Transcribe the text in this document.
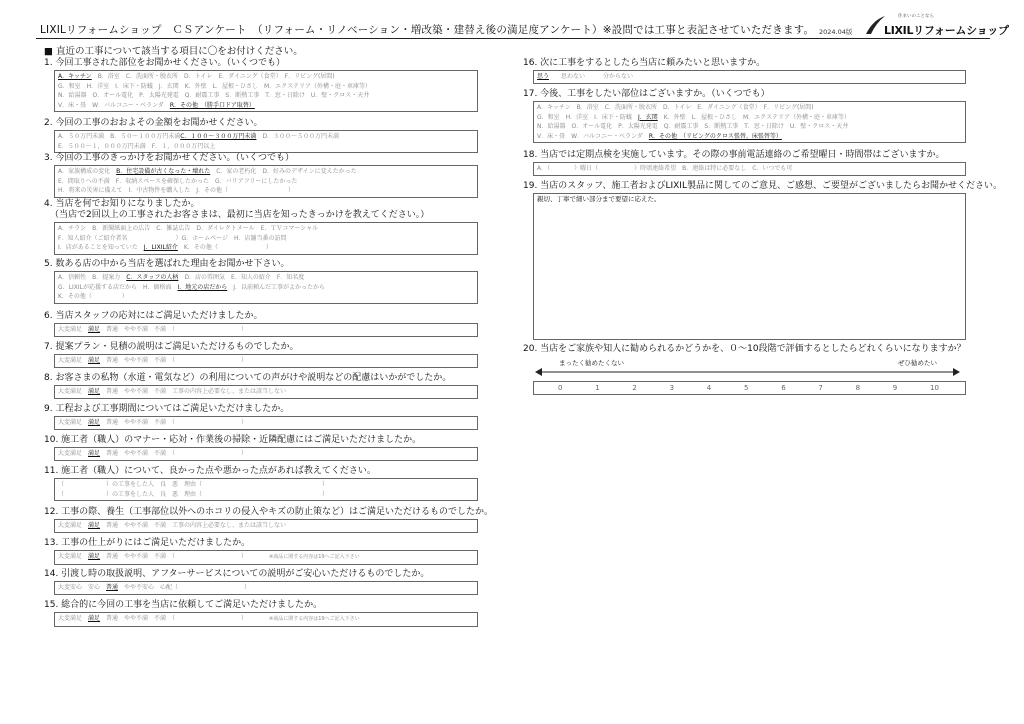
LIXILリフォームショップ　ＣＳアンケート　（リフォーム・リノベーション・増改築・建替え後の満足度アンケート）※設問では工事と表記させていただきます。 2024.04版
住まいのことなら
LIXILリフォームショップ
■ 直近の工事について該当する項目に〇をお付けください。

1. 今回工事された部位をお聞かせください。（いくつでも）

A．キッチン　B．浴室　C．洗面所・脱衣所　D．トイレ　E．ダイニング（食堂）　F．リビング(居間)
G．和室　H．洋室　I．床下・防蟻　J．玄関　K．外壁　L．屋根・ひさし　M．エクステリア（外構・庭・車庫等）
N．給湯器　O．オール電化　P．太陽光発電　Q．耐震工事　S．断熱工事　T．窓・日除け　U．壁・クロス・天井
V．床・畳　W．バルコニー・ベランダ　R．その他　（勝手口ドア取替）

2. 今回の工事のおおよその金額をお聞かせください。

A．５０万円未満　B．５０～１００万円未満C．１００～３００万円未満　D．３００～５００万円未満
E．５００～１，０００万円未満　F．１，０００万円以上

3. 今回の工事のきっかけをお聞かせください。（いくつでも）

A．家族構成の変化　B．住宅設備が古くなった・壊れた　C．家の老朽化　D．好みのデザインに変えたかった
E．間取りへの不満　F．収納スペースを確保したかった　G．バリアフリーにしたかった
H．将来の災害に備えて　I．中古物件を購入した　J．その他（　　　　　　　　　　）

4. 当店を何でお知りになりましたか。

（当店で2回以上の工事されたお客さまは、最初に当店を知ったきっかけを教えてください。）

A．チラシ　B．新聞紙面上の広告　C．雑誌広告　D．ダイレクトメール　E．ＴＶコマーシャル
F．知人紹介（ご紹介者名　　　　　　　　）G．ホームページ　H．店舗当番の訪問
I．店があることを知っていた　J．LIXIL紹介　K．その他（　　　　　　　　）

5. 数ある店の中から当店を選ばれた理由をお聞かせ下さい。

A．信頼性　B．提案力　C．スタッフの人柄　D．店の雰囲気　E．知人の紹介　F．知名度
G．LIXILが応援する店だから　H．価格面　I．地元の店だから　J．以前頼んだ工事がよかったから
K．その他（　　　　　）

6. 当店スタッフの応対にはご満足いただけましたか。

大変満足　満足　普通　やや不満　不満　（　　　　　　　　　　　）

7. 提案プラン・見積の説明はご満足いただけるものでしたか。

大変満足　満足　普通　やや不満　不満　（　　　　　　　　　　　）

8. お客さまの私物（水道・電気など）の利用についての声がけや説明などの配慮はいかがでしたか。

大変満足　満足　普通　やや不満　不満　工事の内容上必要なし、または該当しない

9. 工程および工事期間についてはご満足いただけましたか。

大変満足　満足　普通　やや不満　不満　（　　　　　　　　　　　）

10. 施工者（職人）のマナー・応対・作業後の掃除・近隣配慮にはご満足いただけましたか。

大変満足　満足　普通　やや不満　不満　（　　　　　　　　　　　）

11. 施工者（職人）について、良かった点や悪かった点があれば教えてください。

（　　　　　　　）の工事をした人　良　悪　理由（　　　　　　　　　　　　　　　　　　　　）
（　　　　　　　）の工事をした人　良　悪　理由（　　　　　　　　　　　　　　　　　　　　）

12. 工事の際、養生（工事部位以外へのホコリの侵入やキズの防止策など）はご満足いただけるものでしたか。

大変満足　満足　普通　やや不満　不満　工事の内容上必要なし、または該当しない

13. 工事の仕上がりにはご満足いただけましたか。

大変満足　満足　普通　やや不満　不満　（　　　　　　　　　　　）　　　　　※商品に関する内容は19へご記入下さい

14. 引渡し時の取扱説明、アフターサービスについての説明がご安心いただけるものでしたか。

大変安心　安心　普通　やや不安心　心配（　　　　　　　　　　　）

15. 総合的に今回の工事を当店に依頼してご満足いただけましたか。

大変満足　満足　普通　やや不満　不満　（　　　　　　　　　　　）　　　　　※商品に関する内容は19へご記入下さい

16. 次に工事をするとしたら当店に頼みたいと思いますか。

思う　　思わない　　　分からない

17. 今後、工事をしたい部位はございますか。（いくつでも）

A．キッチン　B．浴室　C．洗面所・脱衣所　D．トイレ　E．ダイニング（食堂）　F．リビング(居間)
G．和室　H．洋室　I．床下・防蟻　J．玄関　K．外壁　L．屋根・ひさし　M．エクステリア（外構・庭・車庫等）
N．給湯器　O．オール電化　P．太陽光発電　Q．耐震工事　S．断熱工事　T．窓・日除け　U．壁・クロス・天井
V．床・畳　W．バルコニー・ベランダ　R．その他　（リビングのクロス張替、床張替等）

18. 当店では定期点検を実施しています。その際の事前電話連絡のご希望曜日・時間帯はございますか。

A．（　　　　）曜日（　　　　　　）時頃連絡希望　B．連絡は特に必要なし　C．いつでも可

19. 当店のスタッフ、施工者およびLIXIL製品に関してのご意見、ご感想、ご要望がございましたらお聞かせください。

親切、丁寧で細い部分まで要望に応えた。

20. 当店をご家族や知人に勧められるかどうかを、０～10段階で評価するとしたらどれくらいになりますか？

まったく勧めたくない	ぜひ勧めたい
0	1	2	3	4	5	6	7	8	9	10
